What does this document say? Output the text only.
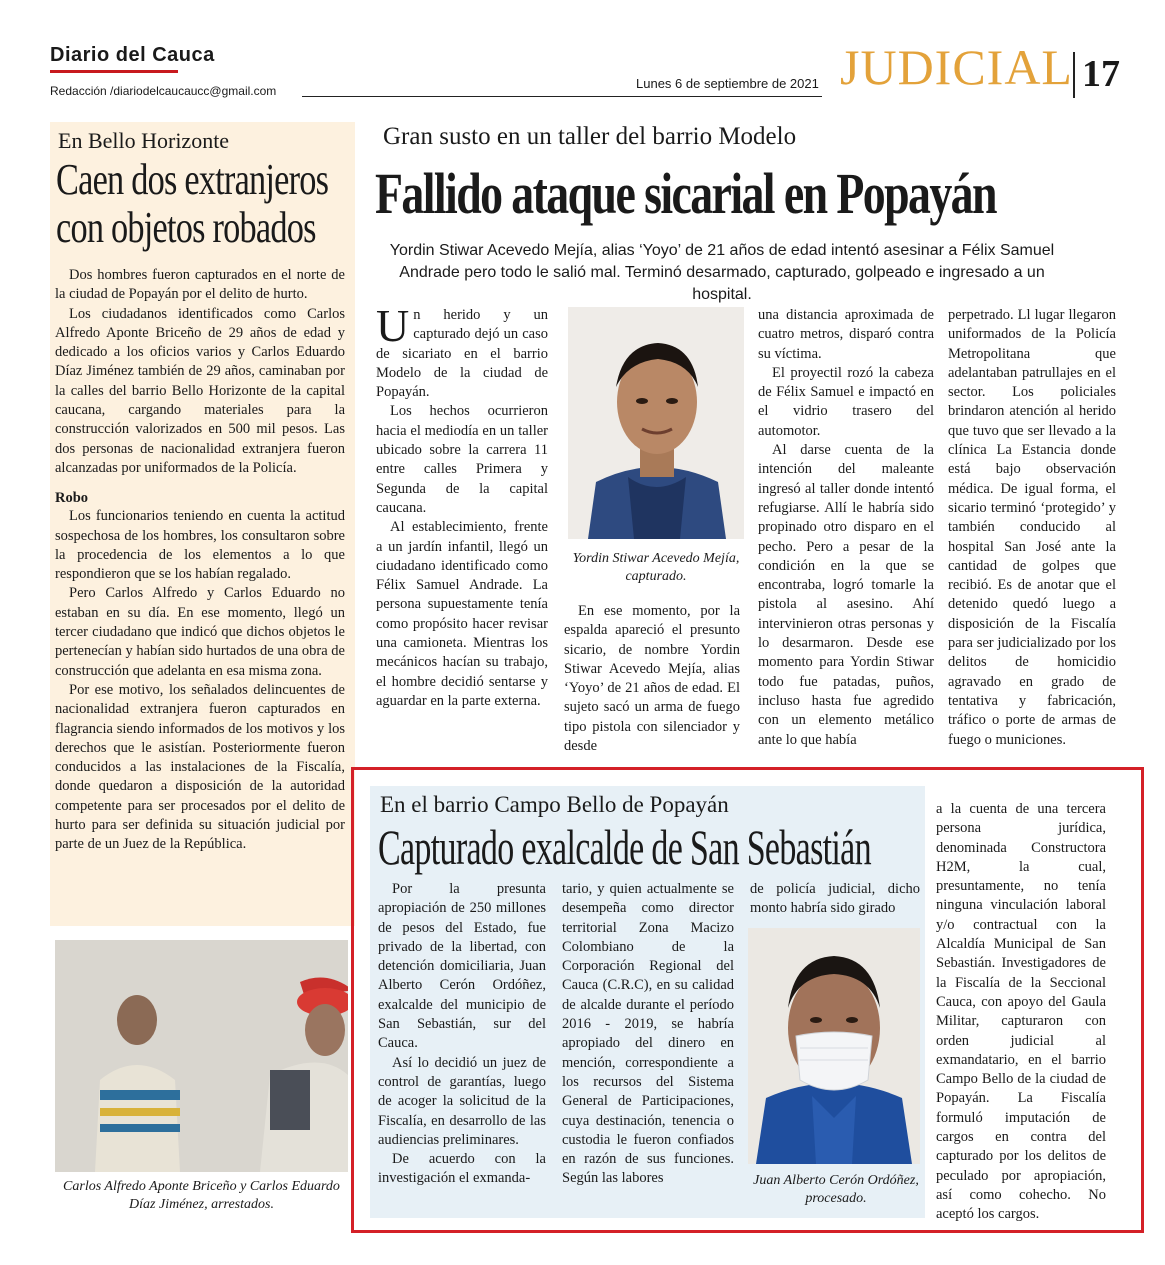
Diario del Cauca
Redacción /diariodelcaucaucc@gmail.com	Lunes 6 de septiembre de 2021 JUDICIAL 17
En Bello Horizonte
Caen dos extranjeros
con objetos robados

Dos hombres fueron capturados en el norte de la ciudad de Popayán por el delito de hurto.

Los ciudadanos identificados como Carlos Alfredo Aponte Briceño de 29 años de edad y dedicado a los oficios varios y Carlos Eduardo Díaz Jiménez también de 29 años, caminaban por la calles del barrio Bello Horizonte de la capital caucana, cargando materiales para la construcción valorizados en 500 mil pesos. Las dos personas de nacionalidad extranjera fueron alcanzadas por uniformados de la Policía.

Robo

Los funcionarios teniendo en cuenta la actitud sospechosa de los hombres, los consultaron sobre la procedencia de los elementos a lo que respondieron que se los habían regalado.

Pero Carlos Alfredo y Carlos Eduardo no estaban en su día. En ese momento, llegó un tercer ciudadano que indicó que dichos objetos le pertenecían y habían sido hurtados de una obra de construcción que adelanta en esa misma zona.

Por ese motivo, los señalados delincuentes de nacionalidad extranjera fueron capturados en flagrancia siendo informados de los motivos y los derechos que le asistían. Posteriormente fueron conducidos a las instalaciones de la Fiscalía, donde quedaron a disposición de la autoridad competente para ser procesados por el delito de hurto para ser definida su situación judicial por parte de un Juez de la República.

Carlos Alfredo Aponte Briceño y Carlos Eduardo Díaz Jiménez, arrestados.
Gran susto en un taller del barrio Modelo
Fallido ataque sicarial en Popayán
Yordin Stiwar Acevedo Mejía, alias ‘Yoyo’ de 21 años de edad intentó asesinar a Félix Samuel Andrade pero todo le salió mal. Terminó desarmado, capturado, golpeado e ingresado a un hospital.

Un herido y un capturado dejó un caso de sicariato en el barrio Modelo de la ciudad de Popayán.

Los hechos ocurrieron hacia el mediodía en un taller ubicado sobre la carrera 11 entre calles Primera y Segunda de la capital caucana.

Al establecimiento, frente a un jardín infantil, llegó un ciudadano identificado como Félix Samuel Andrade. La persona supuestamente tenía como propósito hacer revisar una camioneta. Mientras los mecánicos hacían su trabajo, el hombre decidió sentarse y aguardar en la parte externa.

Yordin Stiwar Acevedo Mejía, capturado.

En ese momento, por la espalda apareció el presunto sicario, de nombre Yordin Stiwar Acevedo Mejía, alias ‘Yoyo’ de 21 años de edad. El sujeto sacó un arma de fuego tipo pistola con silenciador y desde

una distancia aproximada de cuatro metros, disparó contra su víctima.

El proyectil rozó la cabeza de Félix Samuel e impactó en el vidrio trasero del automotor.

Al darse cuenta de la intención del maleante ingresó al taller donde intentó refugiarse. Allí le habría sido propinado otro disparo en el pecho. Pero a pesar de la condición en la que se encontraba, logró tomarle la pistola al asesino. Ahí intervinieron otras personas y lo desarmaron. Desde ese momento para Yordin Stiwar todo fue patadas, puños, incluso hasta fue agredido con un elemento metálico ante lo que había

perpetrado. Ll lugar llegaron uniformados de la Policía Metropolitana que adelantaban patrullajes en el sector. Los policiales brindaron atención al herido que tuvo que ser llevado a la clínica La Estancia donde está bajo observación médica. De igual forma, el sicario terminó ‘protegido’ y también conducido al hospital San José ante la cantidad de golpes que recibió. Es de anotar que el detenido quedó luego a disposición de la Fiscalía para ser judicializado por los delitos de homicidio agravado en grado de tentativa y fabricación, tráfico o porte de armas de fuego o municiones.

En el barrio Campo Bello de Popayán
Capturado exalcalde de San Sebastián

Por la presunta apropiación de 250 millones de pesos del Estado, fue privado de la libertad, con detención domiciliaria, Juan Alberto Cerón Ordóñez, exalcalde del municipio de San Sebastián, sur del Cauca.

Así lo decidió un juez de control de garantías, luego de acoger la solicitud de la Fiscalía, en desarrollo de las audiencias preliminares.

De acuerdo con la investigación el exmanda-

tario, y quien actualmente se desempeña como director territorial Zona Macizo Colombiano de la Corporación Regional del Cauca (C.R.C), en su calidad de alcalde durante el período 2016 - 2019, se habría apropiado del dinero en mención, correspondiente a los recursos del Sistema General de Participaciones, cuya destinación, tenencia o custodia le fueron confiados en razón de sus funciones. Según las labores

de policía judicial, dicho monto habría sido girado

Juan Alberto Cerón Ordóñez, procesado.

a la cuenta de una tercera persona jurídica, denominada Constructora H2M, la cual, presuntamente, no tenía ninguna vinculación laboral y/o contractual con la Alcaldía Municipal de San Sebastián. Investigadores de la Fiscalía de la Seccional Cauca, con apoyo del Gaula Militar, capturaron con orden judicial al exmandatario, en el barrio Campo Bello de la ciudad de Popayán. La Fiscalía formuló imputación de cargos en contra del capturado por los delitos de peculado por apropiación, así como cohecho. No aceptó los cargos.
